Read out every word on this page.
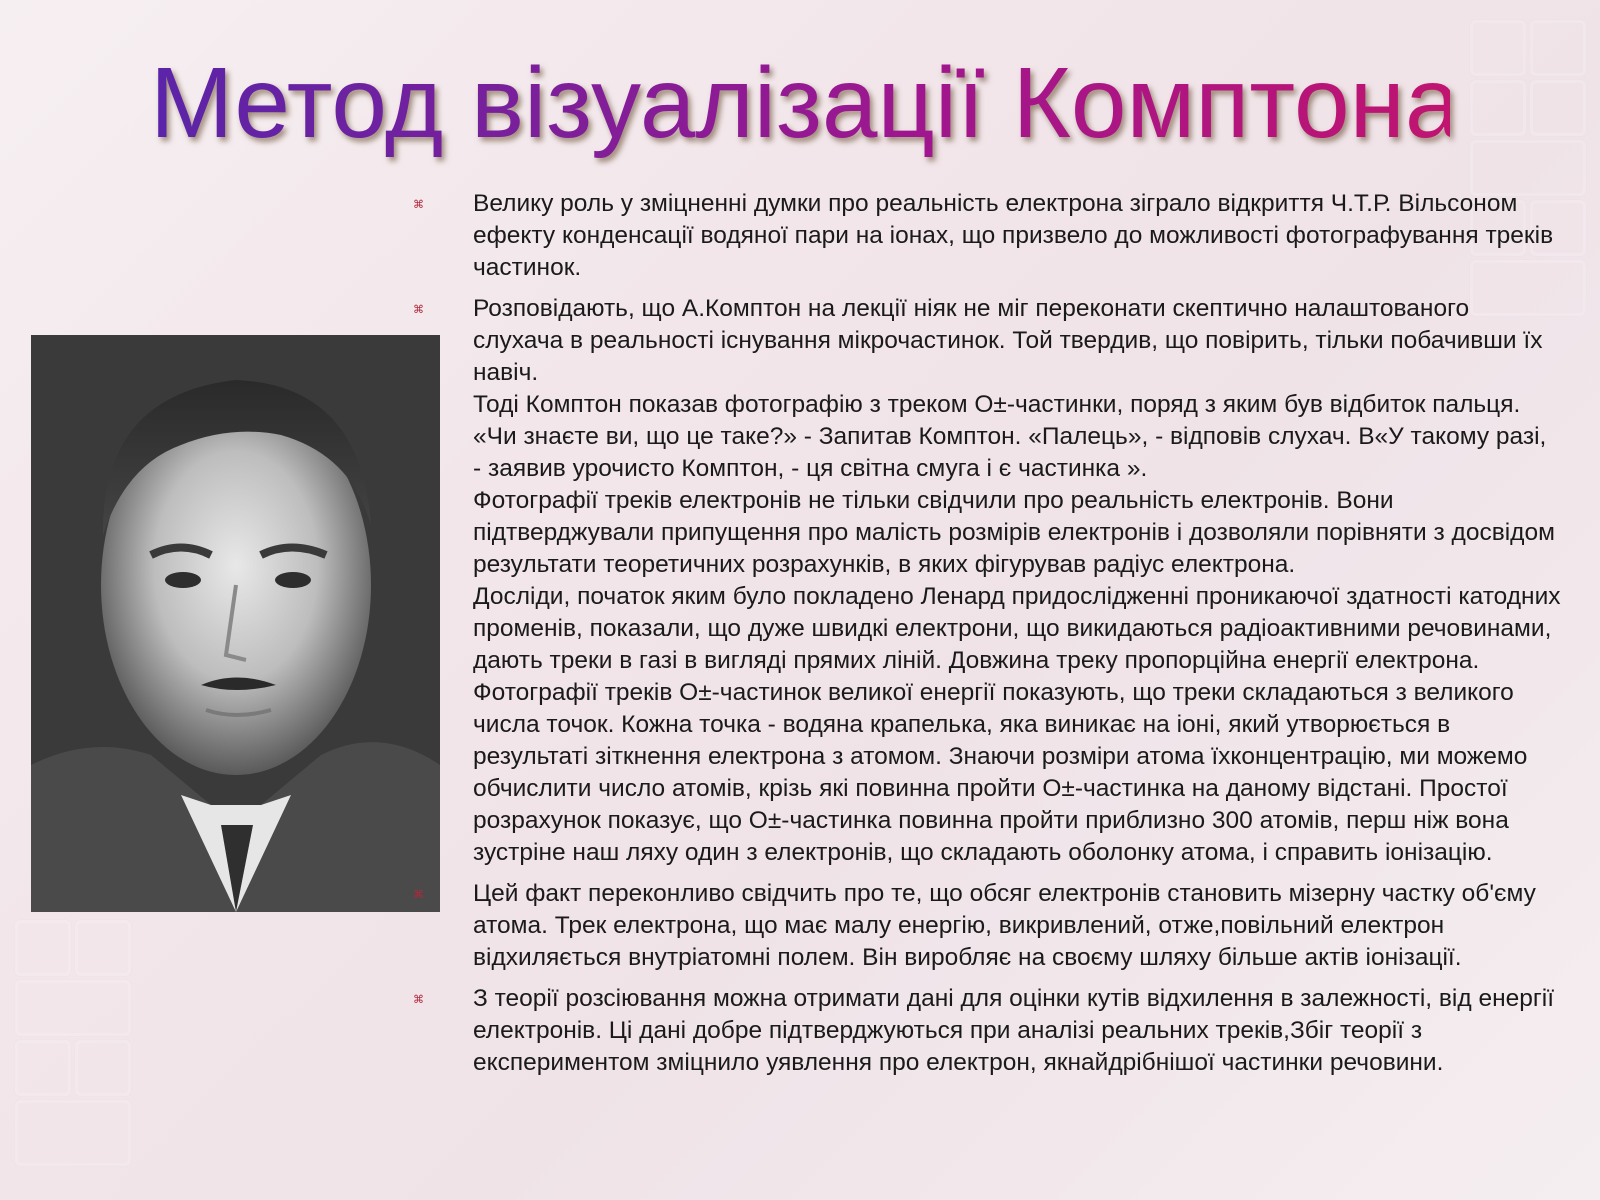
Метод візуалізації Комптона:
⌘ Велику роль у зміцненні думки про реальність електрона зіграло відкриття Ч.Т.Р. Вільсоном ефекту конденсації водяної пари на іонах, що призвело до можливості фотографування треків частинок.

⌘ Розповідають, що А.Комптон на лекції ніяк не міг переконати скептично налаштованого слухача в реальності існування мікрочастинок. Той твердив, що повірить, тільки побачивши їх навіч.

Тоді Комптон показав фотографію з треком О±-частинки, поряд з яким був відбиток пальця. «Чи знаєте ви, що це таке?» - Запитав Комптон. «Палець», - відповів слухач. В«У такому разі, - заявив урочисто Комптон, - ця світна смуга і є частинка ».

Фотографії треків електронів не тільки свідчили про реальність електронів. Вони підтверджували припущення про малість розмірів електронів і дозволяли порівняти з досвідом результати теоретичних розрахунків, в яких фігурував радіус електрона.

Досліди, початок яким було покладено Ленард придослідженні проникаючої здатності катодних променів, показали, що дуже швидкі електрони, що викидаються радіоактивними речовинами, дають треки в газі в вигляді прямих ліній. Довжина треку пропорційна енергії електрона. Фотографії треків О±-частинок великої енергії показують, що треки складаються з великого числа точок. Кожна точка - водяна крапелька, яка виникає на іоні, який утворюється в результаті зіткнення електрона з атомом. Знаючи розміри атома їхконцентрацію, ми можемо обчислити число атомів, крізь які повинна пройти О±-частинка на даному відстані. Простої розрахунок показує, що О±-частинка повинна пройти приблизно 300 атомів, перш ніж вона зустріне наш ляху один з електронів, що складають оболонку атома, і справить іонізацію.

⌘ Цей факт переконливо свідчить про те, що обсяг електронів становить мізерну частку об'єму атома. Трек електрона, що має малу енергію, викривлений, отже,повільний електрон відхиляється внутріатомні полем. Він виробляє на своєму шляху більше актів іонізації.

⌘ З теорії розсіювання можна отримати дані для оцінки кутів відхилення в залежності, від енергії електронів. Ці дані добре підтверджуються при аналізі реальних треків,Збіг теорії з експериментом зміцнило уявлення про електрон, якнайдрібнішої частинки речовини.
